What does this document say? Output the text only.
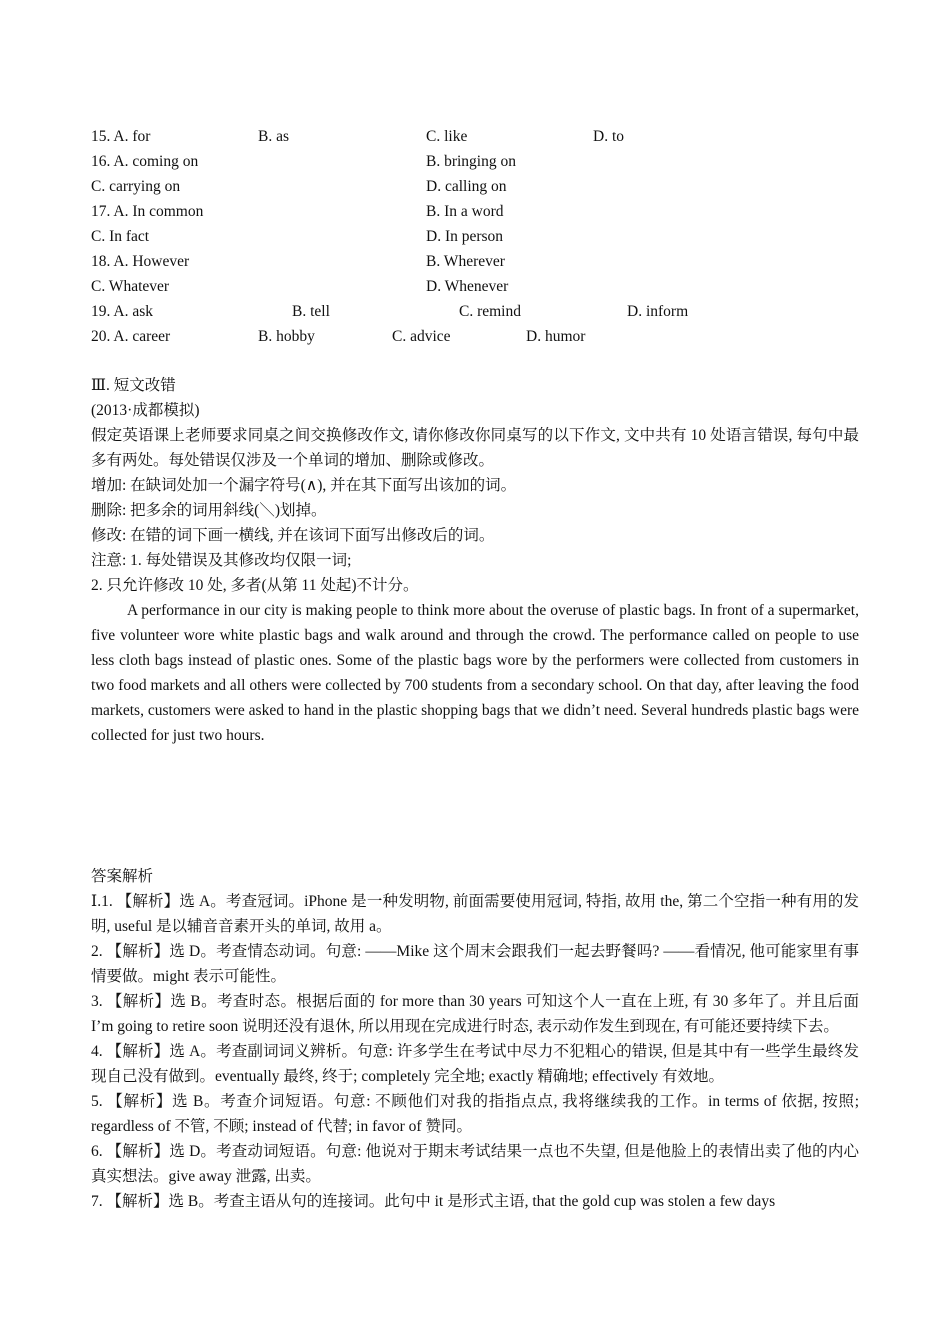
15. A. for	B. as	C. like	D. to
16. A. coming on	B. bringing on
C. carrying on	D. calling on
17. A. In common	B. In a word
C. In fact	D. In person
18. A. However	B. Wherever
C. Whatever	D. Whenever
19. A. ask	B. tell	C. remind	D. inform
20. A. career	B. hobby	C. advice	D. humor
Ⅲ. 短文改错
(2013·成都模拟)
假定英语课上老师要求同桌之间交换修改作文, 请你修改你同桌写的以下作文, 文中共有 10 处语言错误, 每句中最多有两处。每处错误仅涉及一个单词的增加、删除或修改。
增加: 在缺词处加一个漏字符号(∧), 并在其下面写出该加的词。
删除: 把多余的词用斜线(＼)划掉。
修改: 在错的词下画一横线, 并在该词下面写出修改后的词。
注意: 1. 每处错误及其修改均仅限一词;
2. 只允许修改 10 处, 多者(从第 11 处起)不计分。

A performance in our city is making people to think more about the overuse of plastic bags. In front of a supermarket, five volunteer wore white plastic bags and walk around and through the crowd. The performance called on people to use less cloth bags instead of plastic ones. Some of the plastic bags wore by the performers were collected from customers in two food markets and all others were collected by 700 students from a secondary school. On that day, after leaving the food markets, customers were asked to hand in the plastic shopping bags that we didn’t need. Several hundreds plastic bags were collected for just two hours.

答案解析

Ⅰ.1. 【解析】选 A。考查冠词。iPhone 是一种发明物, 前面需要使用冠词, 特指, 故用 the, 第二个空指一种有用的发明, useful 是以辅音音素开头的单词, 故用 a。

2. 【解析】选 D。考查情态动词。句意: ——Mike 这个周末会跟我们一起去野餐吗? ——看情况, 他可能家里有事情要做。might 表示可能性。

3. 【解析】选 B。考查时态。根据后面的 for more than 30 years 可知这个人一直在上班, 有 30 多年了。并且后面 I’m going to retire soon 说明还没有退休, 所以用现在完成进行时态, 表示动作发生到现在, 有可能还要持续下去。

4. 【解析】选 A。考查副词词义辨析。句意: 许多学生在考试中尽力不犯粗心的错误, 但是其中有一些学生最终发现自己没有做到。eventually 最终, 终于; completely 完全地; exactly 精确地; effectively 有效地。

5. 【解析】选 B。考查介词短语。句意: 不顾他们对我的指指点点, 我将继续我的工作。in terms of 依据, 按照; regardless of 不管, 不顾; instead of 代替; in favor of 赞同。

6. 【解析】选 D。考查动词短语。句意: 他说对于期末考试结果一点也不失望, 但是他脸上的表情出卖了他的内心真实想法。give away 泄露, 出卖。

7. 【解析】选 B。考查主语从句的连接词。此句中 it 是形式主语, that the gold cup was stolen a few days
